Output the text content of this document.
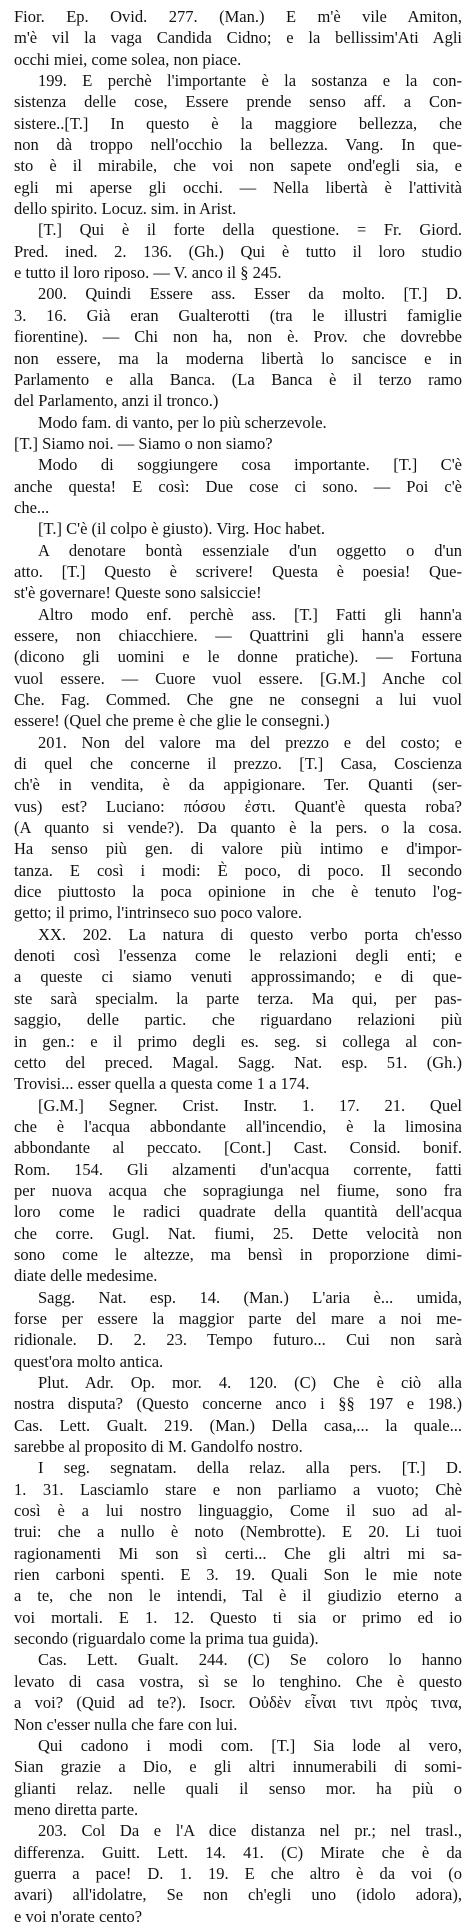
Fior. Ep. Ovid. 277. (Man.) E m'è vile Amiton,
m'è vil la vaga Candida Cidno; e la bellissim'Ati Agli
occhi miei, come solea, non piace.
199. E perchè l'importante è la sostanza e la con-
sistenza delle cose, Essere prende senso aff. a Con-
sistere..[T.] In questo è la maggiore bellezza, che
non dà troppo nell'occhio la bellezza. Vang. In que-
sto è il mirabile, che voi non sapete ond'egli sia, e
egli mi aperse gli occhi. — Nella libertà è l'attività
dello spirito. Locuz. sim. in Arist.
[T.] Qui è il forte della questione. = Fr. Giord.
Pred. ined. 2. 136. (Gh.) Qui è tutto il loro studio
e tutto il loro riposo. — V. anco il § 245.
200. Quindi Essere ass. Esser da molto. [T.] D.
3. 16. Già eran Gualterotti (tra le illustri famiglie
fiorentine). — Chi non ha, non è. Prov. che dovrebbe
non essere, ma la moderna libertà lo sancisce e in
Parlamento e alla Banca. (La Banca è il terzo ramo
del Parlamento, anzi il tronco.)
Modo fam. di vanto, per lo più scherzevole.
[T.] Siamo noi. — Siamo o non siamo?
Modo di soggiungere cosa importante. [T.] C'è
anche questa! E così: Due cose ci sono. — Poi c'è
che...
[T.] C'è (il colpo è giusto). Virg. Hoc habet.
A denotare bontà essenziale d'un oggetto o d'un
atto. [T.] Questo è scrivere! Questa è poesia! Que-
st'è governare! Queste sono salsiccie!
Altro modo enf. perchè ass. [T.] Fatti gli hann'a
essere, non chiacchiere. — Quattrini gli hann'a essere
(dicono gli uomini e le donne pratiche). — Fortuna
vuol essere. — Cuore vuol essere. [G.M.] Anche col
Che. Fag. Commed. Che gne ne consegni a lui vuol
essere! (Quel che preme è che glie le consegni.)
201. Non del valore ma del prezzo e del costo; e
di quel che concerne il prezzo. [T.] Casa, Coscienza
ch'è in vendita, è da appigionare. Ter. Quanti (ser-
vus) est? Luciano: πόσου ἐστι. Quant'è questa roba?
(A quanto si vende?). Da quanto è la pers. o la cosa.
Ha senso più gen. di valore più intimo e d'impor-
tanza. E così i modi: È poco, di poco. Il secondo
dice piuttosto la poca opinione in che è tenuto l'og-
getto; il primo, l'intrinseco suo poco valore.
XX. 202. La natura di questo verbo porta ch'esso
denoti così l'essenza come le relazioni degli enti; e
a queste ci siamo venuti approssimando; e di que-
ste sarà specialm. la parte terza. Ma qui, per pas-
saggio, delle partic. che riguardano relazioni più
in gen.: e il primo degli es. seg. si collega al con-
cetto del preced. Magal. Sagg. Nat. esp. 51. (Gh.)
Trovisi... esser quella a questa come 1 a 174.
[G.M.] Segner. Crist. Instr. 1. 17. 21. Quel
che è l'acqua abbondante all'incendio, è la limosina
abbondante al peccato. [Cont.] Cast. Consid. bonif.
Rom. 154. Gli alzamenti d'un'acqua corrente, fatti
per nuova acqua che sopragiunga nel fiume, sono fra
loro come le radici quadrate della quantità dell'acqua
che corre. Gugl. Nat. fiumi, 25. Dette velocità non
sono come le altezze, ma bensì in proporzione dimi-
diate delle medesime.
Sagg. Nat. esp. 14. (Man.) L'aria è... umida,
forse per essere la maggior parte del mare a noi me-
ridionale. D. 2. 23. Tempo futuro... Cui non sarà
quest'ora molto antica.
Plut. Adr. Op. mor. 4. 120. (C) Che è ciò alla
nostra disputa? (Questo concerne anco i §§ 197 e 198.)
Cas. Lett. Gualt. 219. (Man.) Della casa,... la quale...
sarebbe al proposito di M. Gandolfo nostro.
I seg. segnatam. della relaz. alla pers. [T.] D.
1. 31. Lasciamlo stare e non parliamo a vuoto; Chè
così è a lui nostro linguaggio, Come il suo ad al-
trui: che a nullo è noto (Nembrotte). E 20. Li tuoi
ragionamenti Mi son sì certi... Che gli altri mi sa-
rien carboni spenti. E 3. 19. Quali Son le mie note
a te, che non le intendi, Tal è il giudizio eterno a
voi mortali. E 1. 12. Questo ti sia or primo ed io
secondo (riguardalo come la prima tua guida).
Cas. Lett. Gualt. 244. (C) Se coloro lo hanno
levato di casa vostra, sì se lo tenghino. Che è questo
a voi? (Quid ad te?). Isocr. Οὐδὲν εἶναι τινι πρὸς τινα,
Non c'esser nulla che fare con lui.
Qui cadono i modi com. [T.] Sia lode al vero,
Sian grazie a Dio, e gli altri innumerabili di somi-
glianti relaz. nelle quali il senso mor. ha più o
meno diretta parte.
203. Col Da e l'A dice distanza nel pr.; nel trasl.,
differenza. Guitt. Lett. 14. 41. (C) Mirate che è da
guerra a pace! D. 1. 19. E che altro è da voi (o
avari) all'idolatre, Se non ch'egli uno (idolo adora),
e voi n'orate cento?
